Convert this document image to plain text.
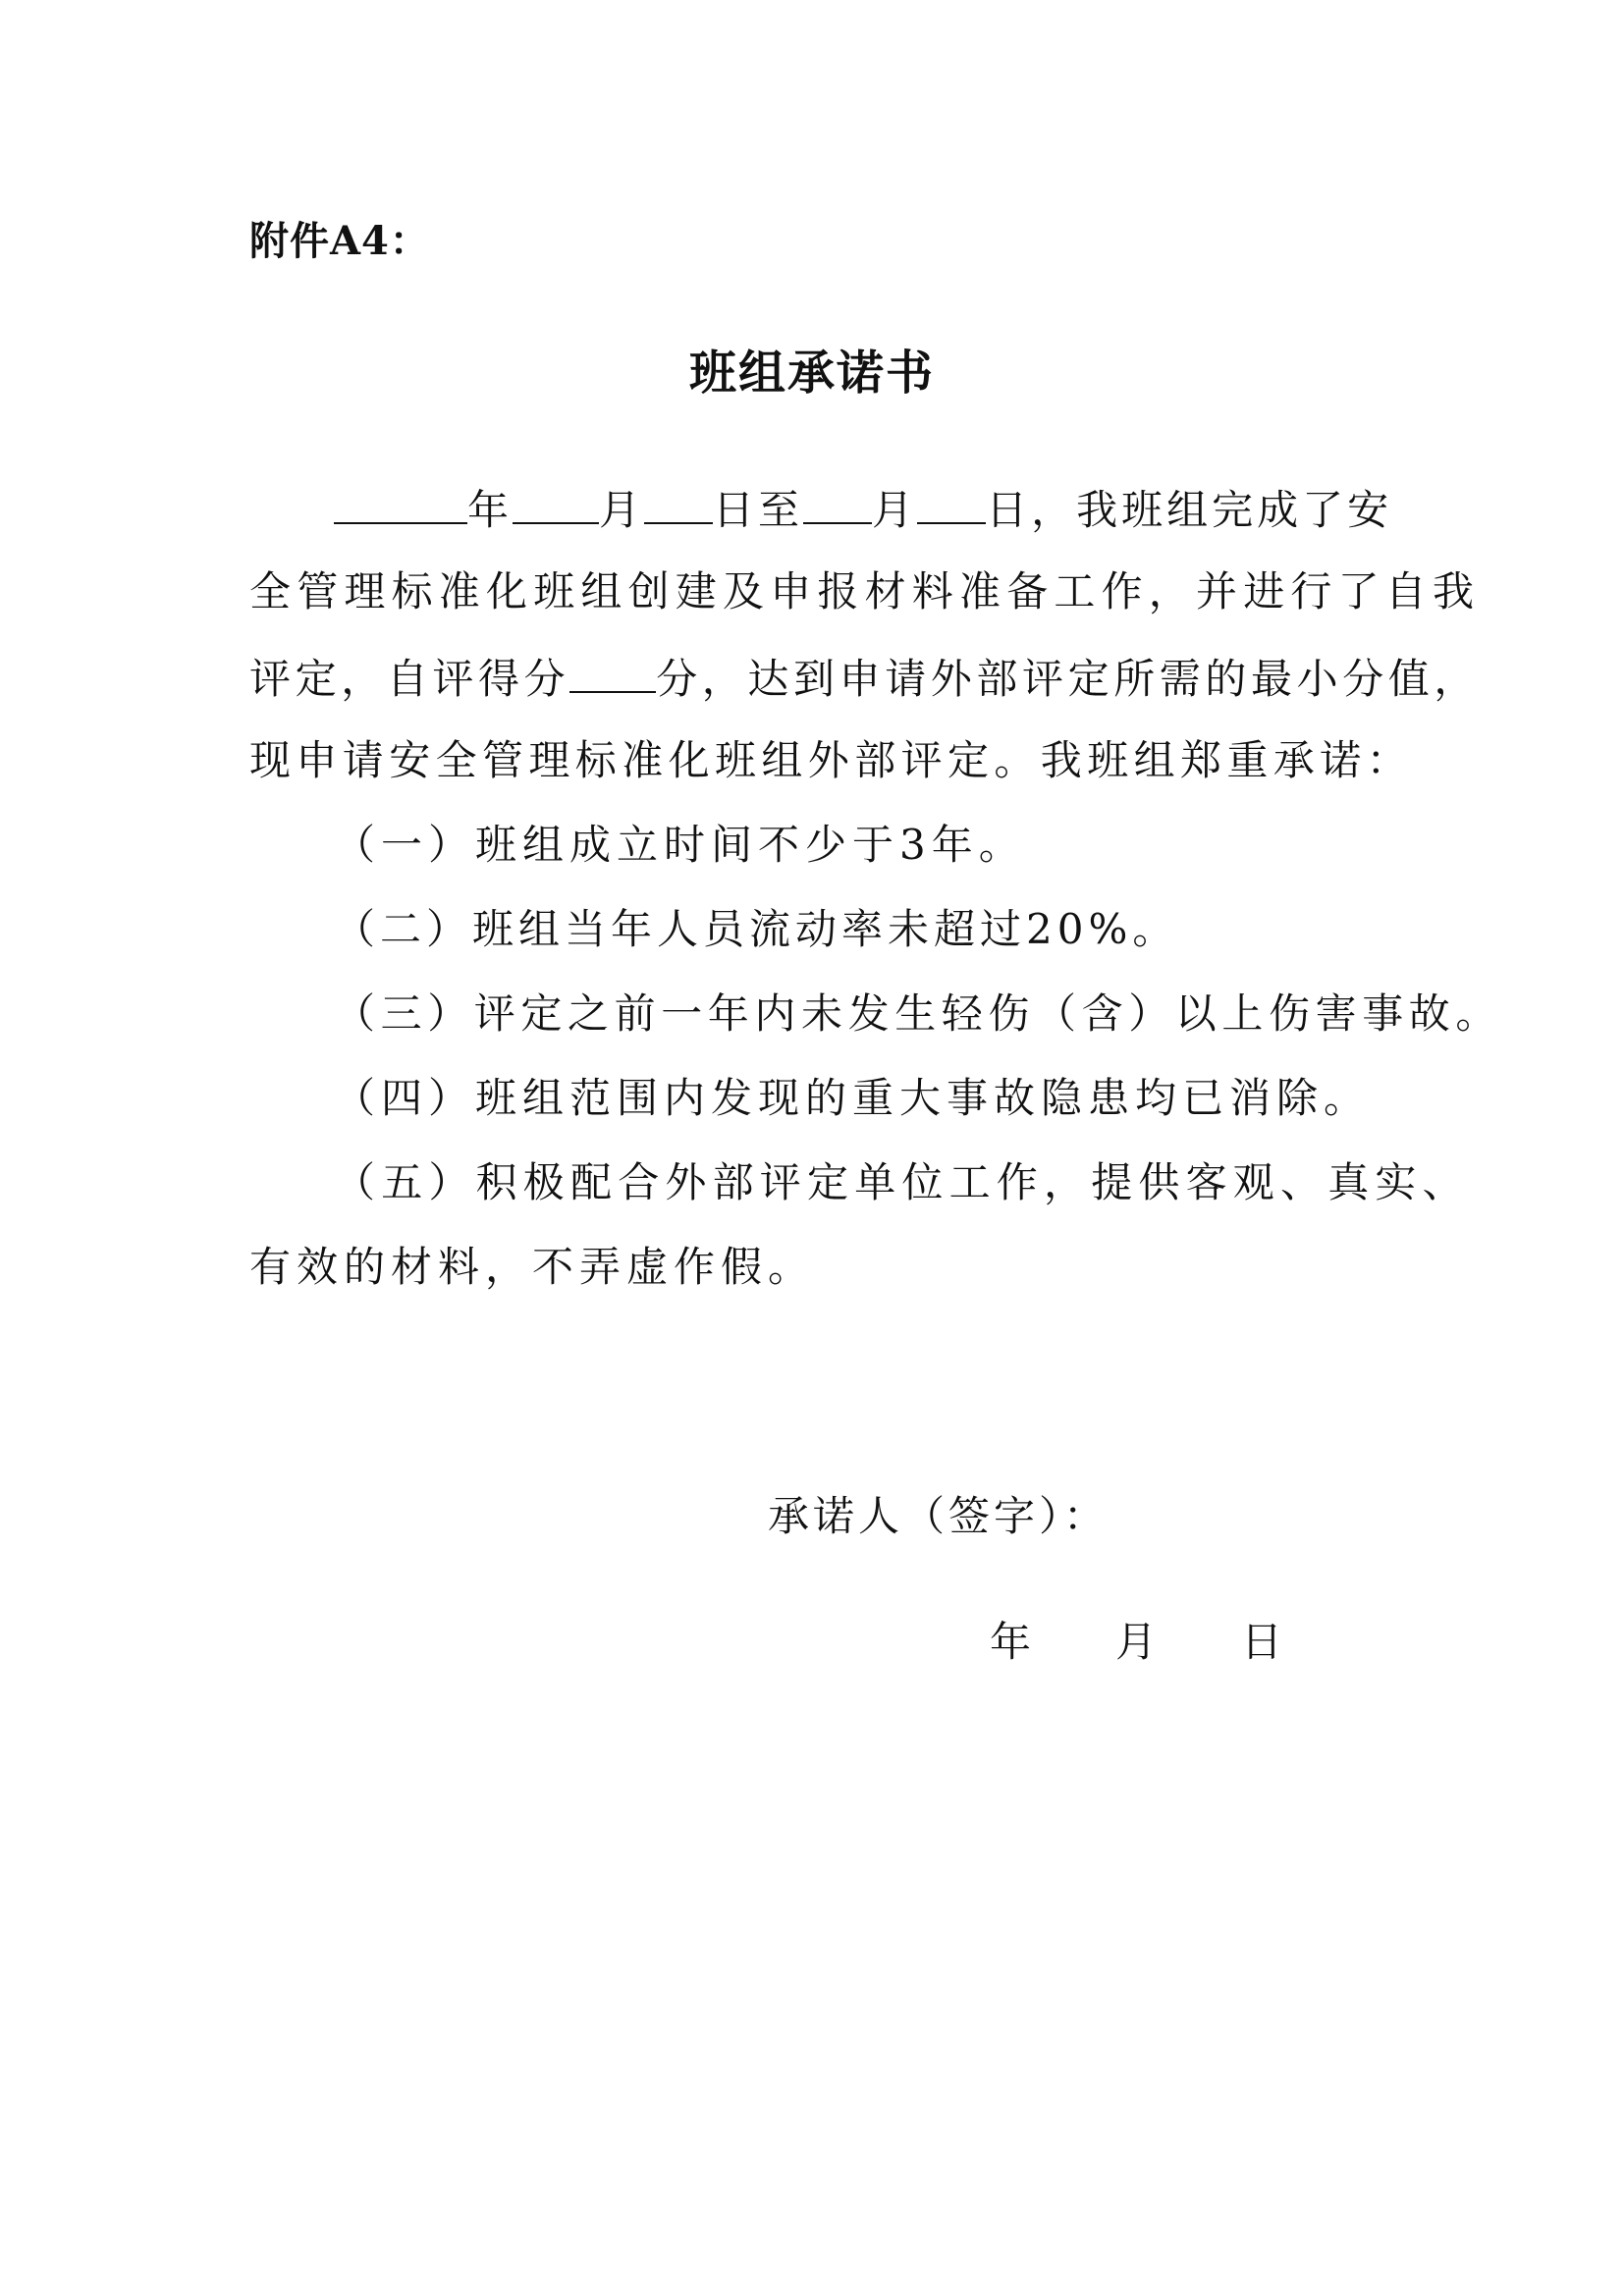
附件A4：
班组承诺书
年 月 日至 月 日，我班组完成了安
全管理标准化班组创建及申报材料准备工作，并进行了自我
评定，自评得分 分，达到申请外部评定所需的最小分值，
现申请安全管理标准化班组外部评定。我班组郑重承诺：
（一）班组成立时间不少于3年。
（二）班组当年人员流动率未超过20%。
（三）评定之前一年内未发生轻伤（含）以上伤害事故。
（四）班组范围内发现的重大事故隐患均已消除。
（五）积极配合外部评定单位工作，提供客观、真实、
有效的材料，不弄虚作假。
承诺人（签字）：
年 月 日
